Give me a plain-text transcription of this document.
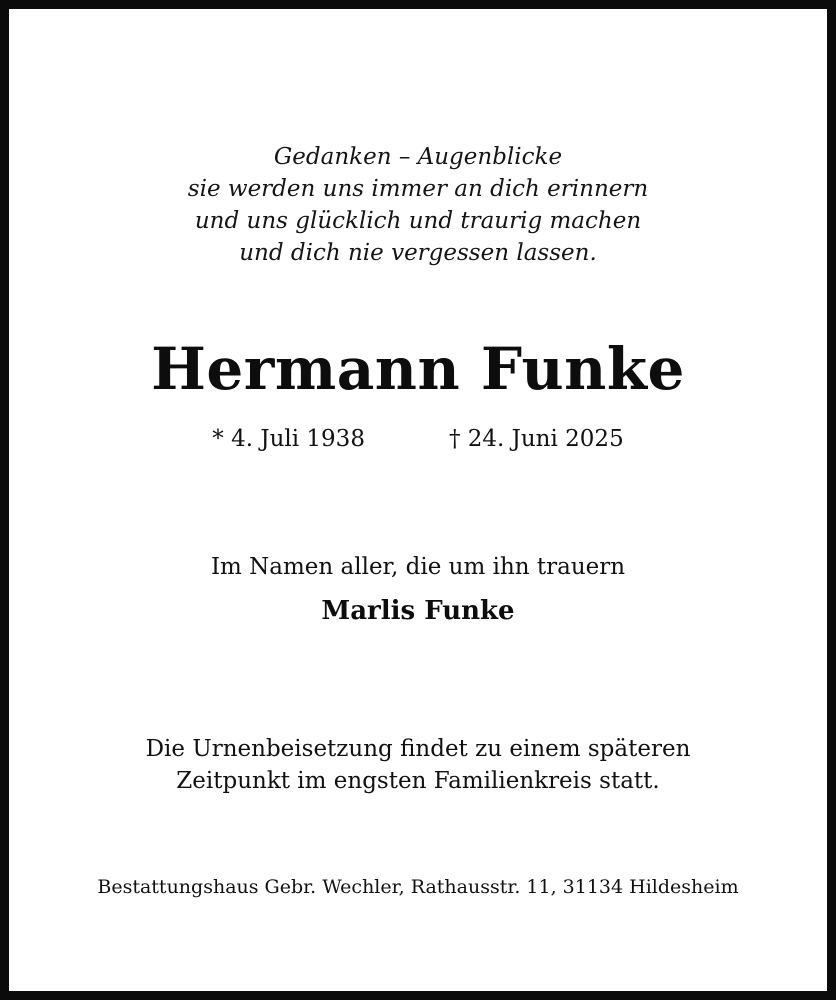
Gedanken – Augenblicke
sie werden uns immer an dich erinnern
und uns glücklich und traurig machen
und dich nie vergessen lassen.
Hermann Funke
* 4. Juli 1938	† 24. Juni 2025
Im Namen aller, die um ihn trauern
Marlis Funke
Die Urnenbeisetzung findet zu einem späteren
Zeitpunkt im engsten Familienkreis statt.
Bestattungshaus Gebr. Wechler, Rathausstr. 11, 31134 Hildesheim
